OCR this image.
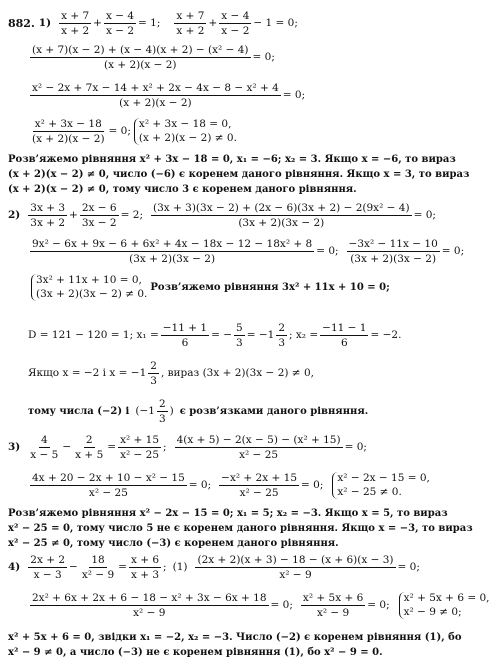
882. $1) \frac{x + 7}{x + 2} + \frac{x - 4}{x - 2} = 1$; $\frac{x + 7}{x + 2} + \frac{x - 4}{x - 2} - 1 = 0$;
$\frac{\text{(x + 7)(x − 2) + (x − 4)(x + 2) − (x² − 4)}}{(x + 2)(x - 2)} = 0$;
$\frac{\text{x² − 2x + 7x − 14 + x² + 2x − 4x − 8 − x² + 4}}{(x + 2)(x - 2)} = 0$;
$\frac{\text{x² + 3x − 18}}{(x + 2)(x - 2)} = 0$;
x² + 3x − 18 = 0,
(x + 2)(x − 2) ≠ 0.
Розв’яжемо рівняння x² + 3x − 18 = 0, x₁ = −6; x₂ = 3. Якщо x = −6, то вираз
(x + 2)(x − 2) ≠ 0, число (−6) є коренем даного рівняння. Якщо x = 3, то вираз
(x + 2)(x − 2) ≠ 0, тому число 3 є коренем даного рівняння.
$2) \frac{3x + 3}{3x + 2} + \frac{2x - 6}{3x - 2} = 2$; $\frac{\text{(3x + 3)(3x − 2) + (2x − 6)(3x + 2) − 2(9x² − 4)}}{(3x + 2)(3x - 2)} = 0$;
$\frac{\text{9x² − 6x + 9x − 6 + 6x² + 4x − 18x − 12 − 18x² + 8}}{(3x + 2)(3x - 2)} = 0$; $\frac{\text{−3x² − 11x − 10}}{(3x + 2)(3x - 2)} = 0$;
3x² + 11x + 10 = 0,
(3x + 2)(3x − 2) ≠ 0.
Розв’яжемо рівняння 3x² + 11x + 10 = 0;
D = 121 − 120 = 1; $x_1 = \frac{-11 + 1}{6}$ = − $\frac{5}{3} = -1 \frac{2}{3}$ ; $x_2 = \frac{-11 - 1}{6} = -2$.
Якщо x = −2 і $x = -1 \frac{2}{3}$ , вираз (3x + 2)(3x − 2) ≠ 0,
тому числа (−2) і ($-1 \frac{2}{3}$ ) є розв’язками даного рівняння.
$3) \frac{4}{x - 5} - \frac{2}{x + 5} = \frac{\text{x² + 15}}{\text{x² − 25}}$ ; $\frac{\text{4(x + 5) − 2(x − 5) − (x² + 15)}}{\text{x² − 25}} = 0$;
$\frac{\text{4x + 20 − 2x + 10 − x² − 15}}{\text{x² − 25}} = 0$; $\frac{\text{−x² + 2x + 15}}{\text{x² − 25}} = 0$;
x² − 2x − 15 = 0,
x² − 25 ≠ 0.
Розв’яжемо рівняння x² − 2x − 15 = 0; x₁ = 5; x₂ = −3. Якщо x = 5, то вираз
x² − 25 = 0, тому число 5 не є коренем даного рівняння. Якщо x = −3, то вираз
x² − 25 ≠ 0, тому число (−3) є коренем даного рівняння.
$4) \frac{2x + 2}{x - 3} - \frac{18}{\text{x² − 9}} = \frac{x + 6}{x + 3}$ ; $(1) \frac{(2x + 2)(x + 3) - 18 - (x + 6)(x - 3)}{\text{x² − 9}} = 0$;
$\frac{\text{2x² + 6x + 2x + 6 − 18 − x² + 3x − 6x + 18}}{\text{x² − 9}} = 0$; $\frac{\text{x² + 5x + 6}}{\text{x² − 9}} = 0$;
x² + 5x + 6 = 0,
x² − 9 ≠ 0;
x² + 5x + 6 = 0, звідки x₁ = −2, x₂ = −3. Число (−2) є коренем рівняння (1), бо
x² − 9 ≠ 0, а число (−3) не є коренем рівняння (1), бо x² − 9 = 0.
